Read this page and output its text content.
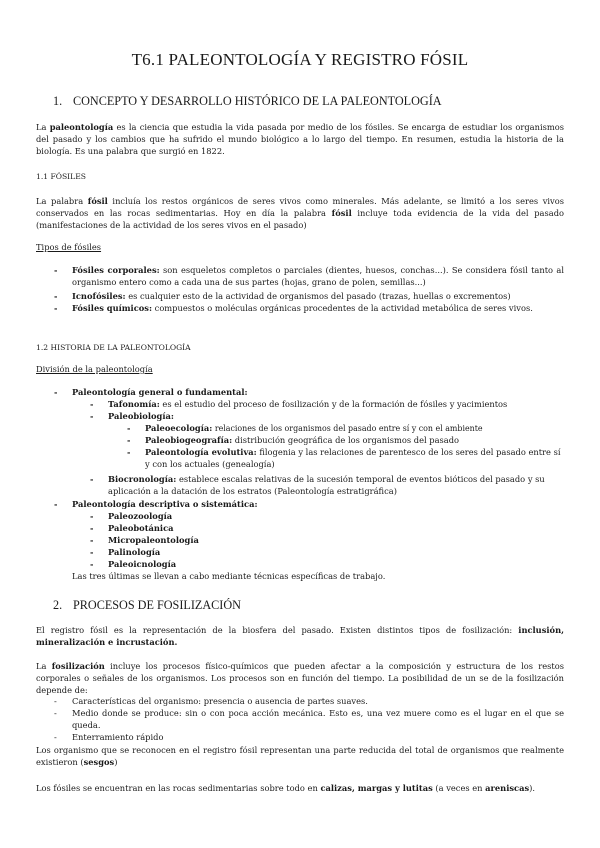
T6.1 PALEONTOLOGÍA Y REGISTRO FÓSIL
1. CONCEPTO Y DESARROLLO HISTÓRICO DE LA PALEONTOLOGÍA
La paleontología es la ciencia que estudia la vida pasada por medio de los fósiles. Se encarga de estudiar los organismos del pasado y los cambios que ha sufrido el mundo biológico a lo largo del tiempo. En resumen, estudia la historia de la biología. Es una palabra que surgió en 1822.
1.1 FÓSILES
La palabra fósil incluía los restos orgánicos de seres vivos como minerales. Más adelante, se limitó a los seres vivos conservados en las rocas sedimentarias. Hoy en día la palabra fósil incluye toda evidencia de la vida del pasado (manifestaciones de la actividad de los seres vivos en el pasado)
Tipos de fósiles
- Fósiles corporales: son esqueletos completos o parciales (dientes, huesos, conchas...). Se considera fósil tanto al organismo entero como a cada una de sus partes (hojas, grano de polen, semillas...)
- Icnofósiles: es cualquier esto de la actividad de organismos del pasado (trazas, huellas o excrementos)
- Fósiles químicos: compuestos o moléculas orgánicas procedentes de la actividad metabólica de seres vivos.
1.2 HISTORIA DE LA PALEONTOLOGÍA
División de la paleontología
- Paleontología general o fundamental:
- Tafonomía: es el estudio del proceso de fosilización y de la formación de fósiles y yacimientos
- Paleobiología:
- Paleoecología: relaciones de los organismos del pasado entre sí y con el ambiente
- Paleobiogeografía: distribución geográfica de los organismos del pasado
- Paleontología evolutiva: filogenia y las relaciones de parentesco de los seres del pasado entre sí y con los actuales (genealogía)
- Biocronología: establece escalas relativas de la sucesión temporal de eventos bióticos del pasado y su aplicación a la datación de los estratos (Paleontología estratigráfica)
- Paleontología descriptiva o sistemática:
- Paleozoología
- Paleobotánica
- Micropaleontología
- Palinología
- Paleoicnología
Las tres últimas se llevan a cabo mediante técnicas específicas de trabajo.
2. PROCESOS DE FOSILIZACIÓN
El registro fósil es la representación de la biosfera del pasado. Existen distintos tipos de fosilización: inclusión, mineralización e incrustación.
La fosilización incluye los procesos físico-químicos que pueden afectar a la composición y estructura de los restos corporales o señales de los organismos. Los procesos son en función del tiempo. La posibilidad de un se de la fosilización depende de:
- Características del organismo: presencia o ausencia de partes suaves.
- Medio donde se produce: sin o con poca acción mecánica. Esto es, una vez muere como es el lugar en el que se queda.
- Enterramiento rápido
Los organismo que se reconocen en el registro fósil representan una parte reducida del total de organismos que realmente existieron (sesgos)
Los fósiles se encuentran en las rocas sedimentarias sobre todo en calizas, margas y lutitas (a veces en areniscas).
